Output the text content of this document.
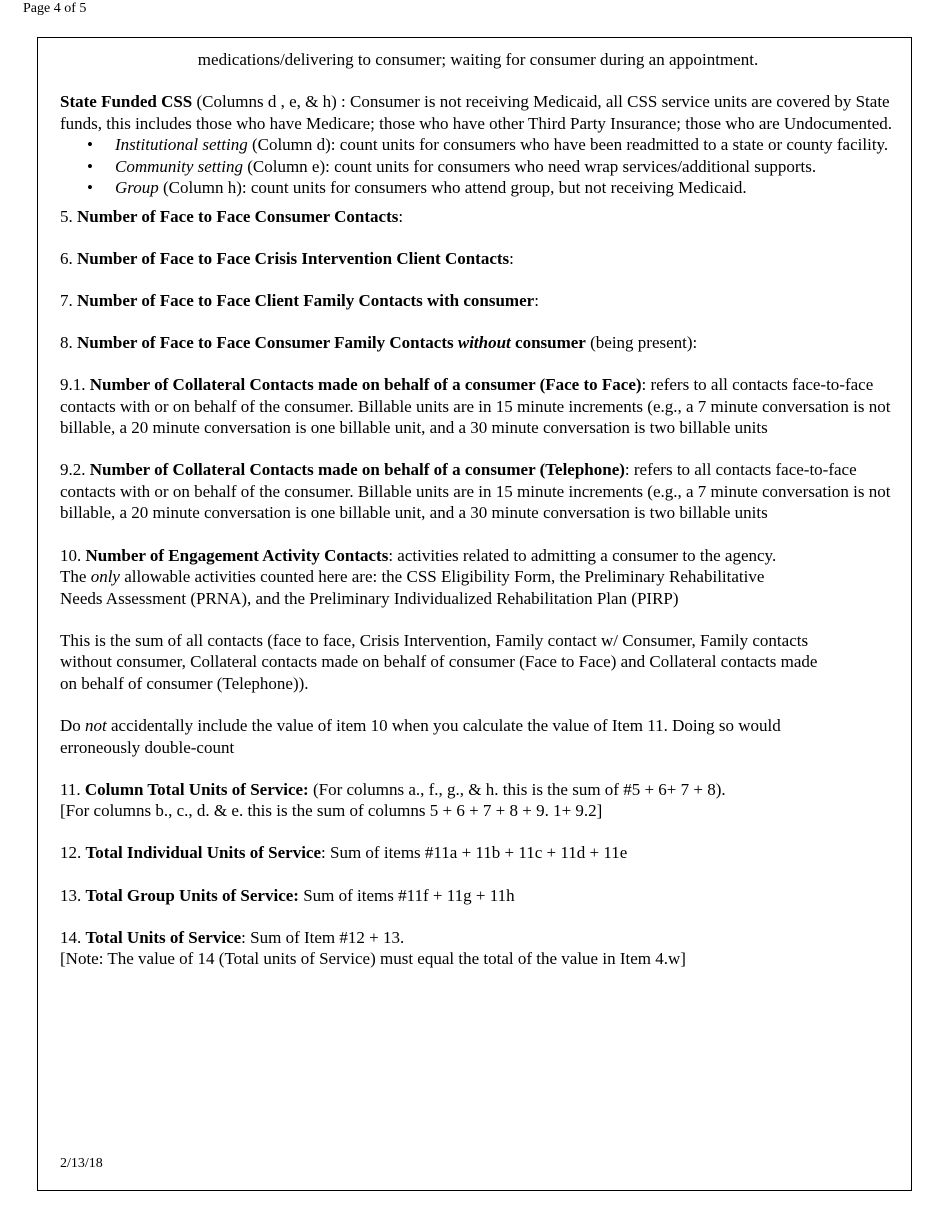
Page 4 of 5

medications/delivering to consumer; waiting for consumer during an appointment.

State Funded CSS (Columns d , e, & h) : Consumer is not receiving Medicaid, all CSS service units are covered by State funds, this includes those who have Medicare; those who have other Third Party Insurance; those who are Undocumented.

• Institutional setting (Column d): count units for consumers who have been readmitted to a state or county facility.
• Community setting (Column e): count units for consumers who need wrap services/additional supports.
• Group (Column h): count units for consumers who attend group, but not receiving Medicaid.

5. Number of Face to Face Consumer Contacts:

6. Number of Face to Face Crisis Intervention Client Contacts:

7. Number of Face to Face Client Family Contacts with consumer:

8. Number of Face to Face Consumer Family Contacts without consumer (being present):

9.1. Number of Collateral Contacts made on behalf of a consumer (Face to Face): refers to all contacts face-to-face contacts with or on behalf of the consumer. Billable units are in 15 minute increments (e.g., a 7 minute conversation is not billable, a 20 minute conversation is one billable unit, and a 30 minute conversation is two billable units

9.2. Number of Collateral Contacts made on behalf of a consumer (Telephone): refers to all contacts face-to-face contacts with or on behalf of the consumer. Billable units are in 15 minute increments (e.g., a 7 minute conversation is not billable, a 20 minute conversation is one billable unit, and a 30 minute conversation is two billable units

10. Number of Engagement Activity Contacts: activities related to admitting a consumer to the agency. The only allowable activities counted here are: the CSS Eligibility Form, the Preliminary Rehabilitative Needs Assessment (PRNA), and the Preliminary Individualized Rehabilitation Plan (PIRP)

This is the sum of all contacts (face to face, Crisis Intervention, Family contact w/ Consumer, Family contacts without consumer, Collateral contacts made on behalf of consumer (Face to Face) and Collateral contacts made on behalf of consumer (Telephone)).

Do not accidentally include the value of item 10 when you calculate the value of Item 11. Doing so would erroneously double-count

11. Column Total Units of Service: (For columns a., f., g., & h. this is the sum of #5 + 6+ 7 + 8).
[For columns b., c., d. & e. this is the sum of columns 5 + 6 + 7 + 8 + 9. 1+ 9.2]

12. Total Individual Units of Service: Sum of items #11a + 11b + 11c + 11d + 11e

13. Total Group Units of Service: Sum of items #11f + 11g + 11h

14. Total Units of Service: Sum of Item #12 + 13.
[Note: The value of 14 (Total units of Service) must equal the total of the value in Item 4.w]

2/13/18
